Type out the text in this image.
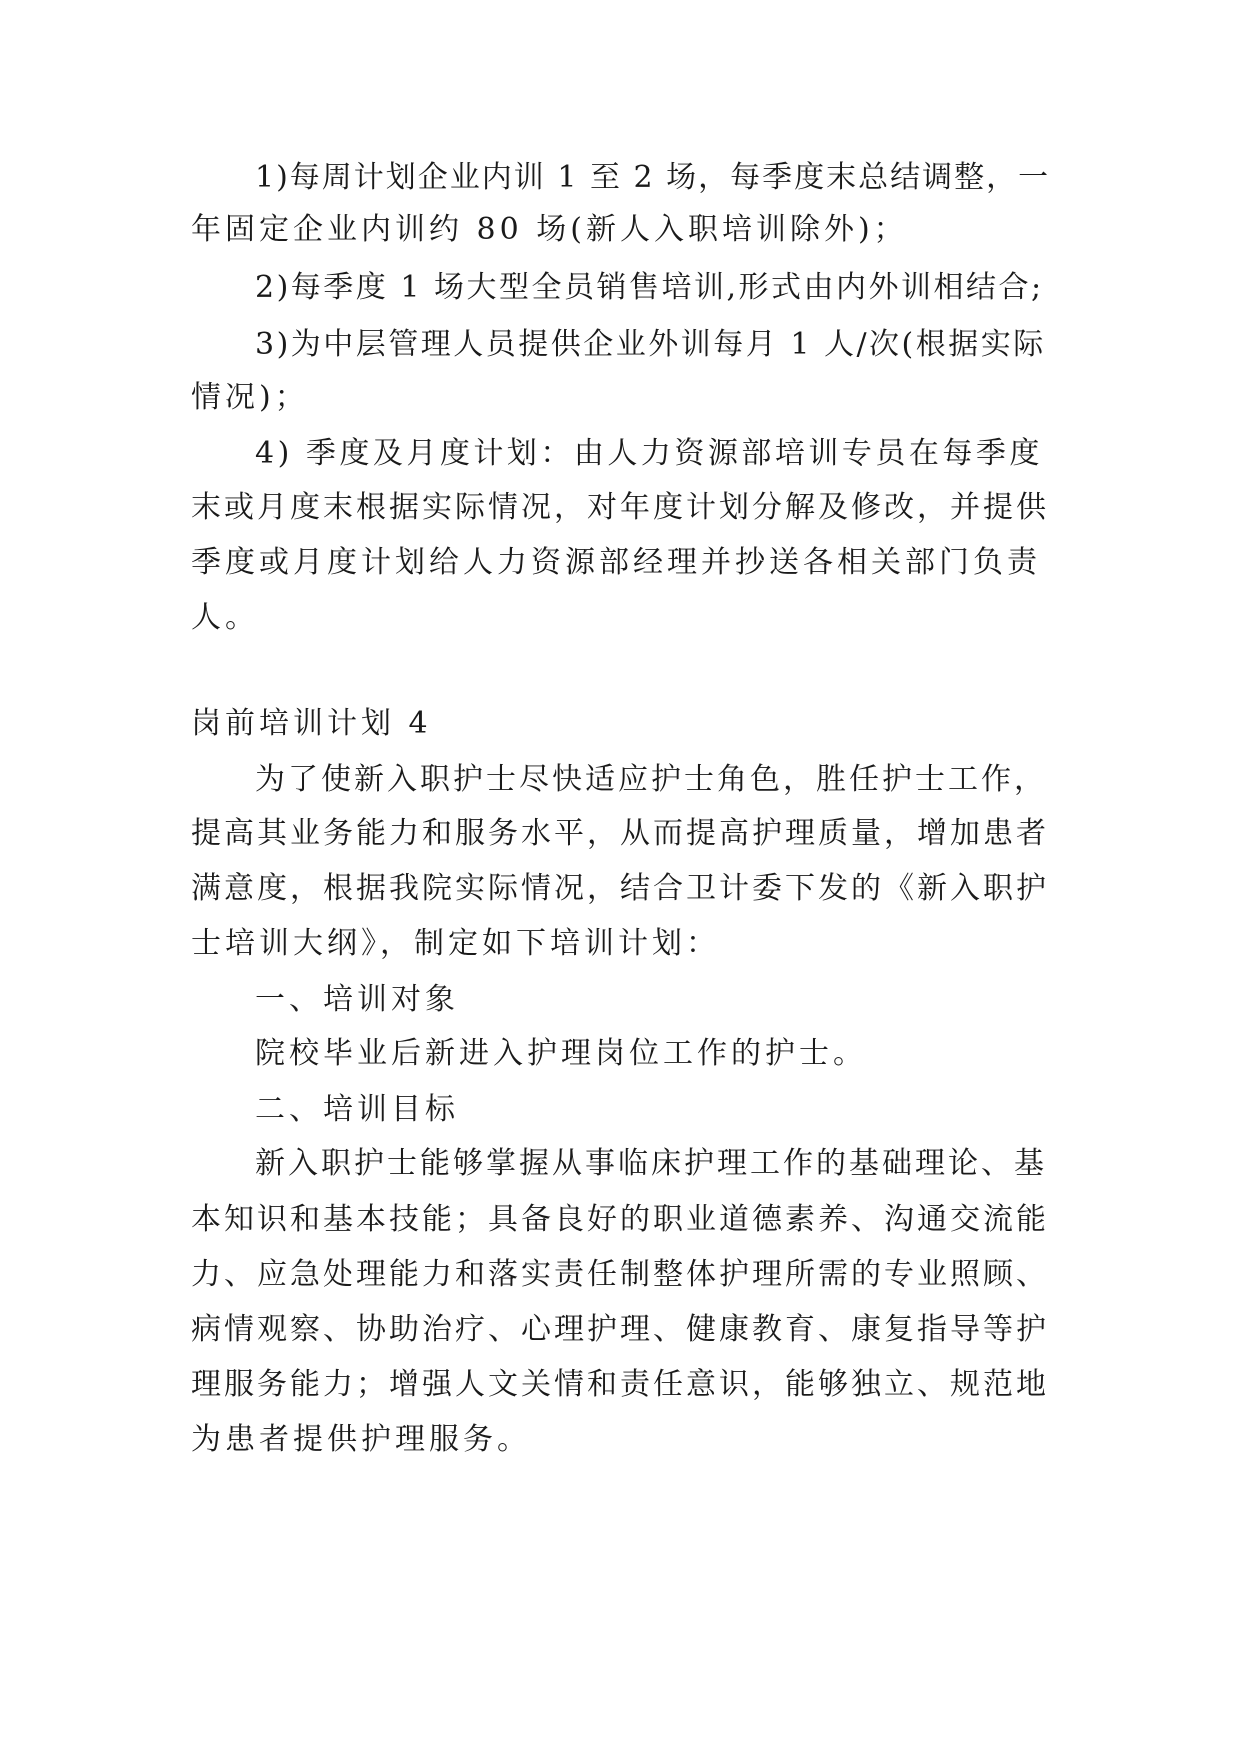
1)每周计划企业内训 1 至 2 场，每季度末总结调整，一
年固定企业内训约 80 场(新人入职培训除外)；
2)每季度 1 场大型全员销售培训,形式由内外训相结合;
3)为中层管理人员提供企业外训每月 1 人/次(根据实际
情况)；
4) 季度及月度计划：由人力资源部培训专员在每季度
末或月度末根据实际情况，对年度计划分解及修改，并提供
季度或月度计划给人力资源部经理并抄送各相关部门负责
人。
岗前培训计划 4
为了使新入职护士尽快适应护士角色，胜任护士工作，
提高其业务能力和服务水平，从而提高护理质量，增加患者
满意度，根据我院实际情况，结合卫计委下发的《新入职护
士培训大纲》，制定如下培训计划：
一、培训对象
院校毕业后新进入护理岗位工作的护士。
二、培训目标
新入职护士能够掌握从事临床护理工作的基础理论、基
本知识和基本技能；具备良好的职业道德素养、沟通交流能
力、应急处理能力和落实责任制整体护理所需的专业照顾、
病情观察、协助治疗、心理护理、健康教育、康复指导等护
理服务能力；增强人文关情和责任意识，能够独立、规范地
为患者提供护理服务。
